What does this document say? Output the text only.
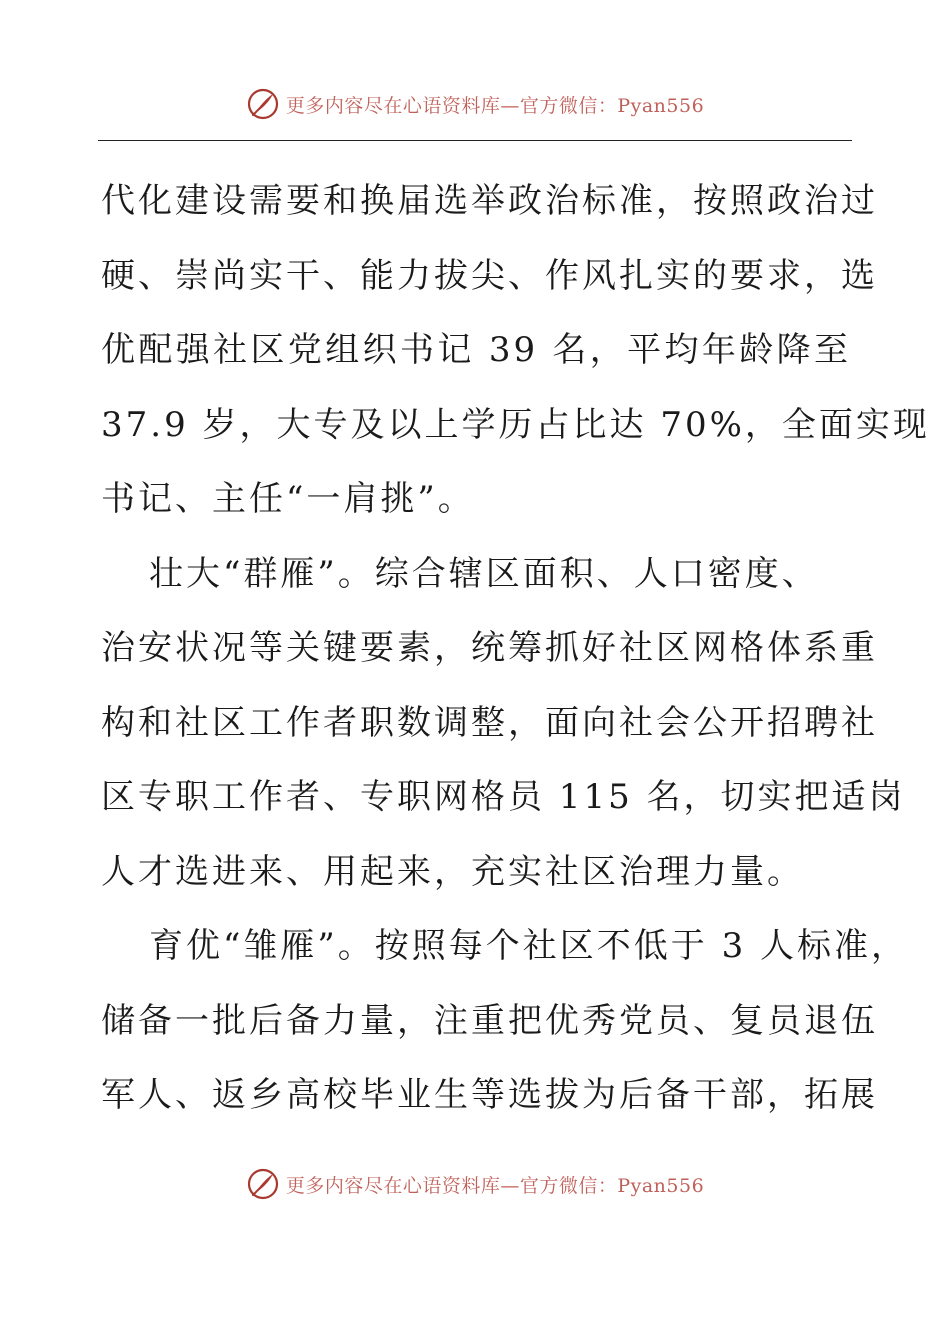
更多内容尽在心语资料库—官方微信：Pyan556
代化建设需要和换届选举政治标准，按照政治过
硬、崇尚实干、能力拔尖、作风扎实的要求，选
优配强社区党组织书记 39 名，平均年龄降至
37.9 岁，大专及以上学历占比达 70%，全面实现
书记、主任“一肩挑”。
壮大“群雁”。综合辖区面积、人口密度、
治安状况等关键要素，统筹抓好社区网格体系重
构和社区工作者职数调整，面向社会公开招聘社
区专职工作者、专职网格员 115 名，切实把适岗
人才选进来、用起来，充实社区治理力量。
育优“雏雁”。按照每个社区不低于 3 人标准，
储备一批后备力量，注重把优秀党员、复员退伍
军人、返乡高校毕业生等选拔为后备干部，拓展
更多内容尽在心语资料库—官方微信：Pyan556
